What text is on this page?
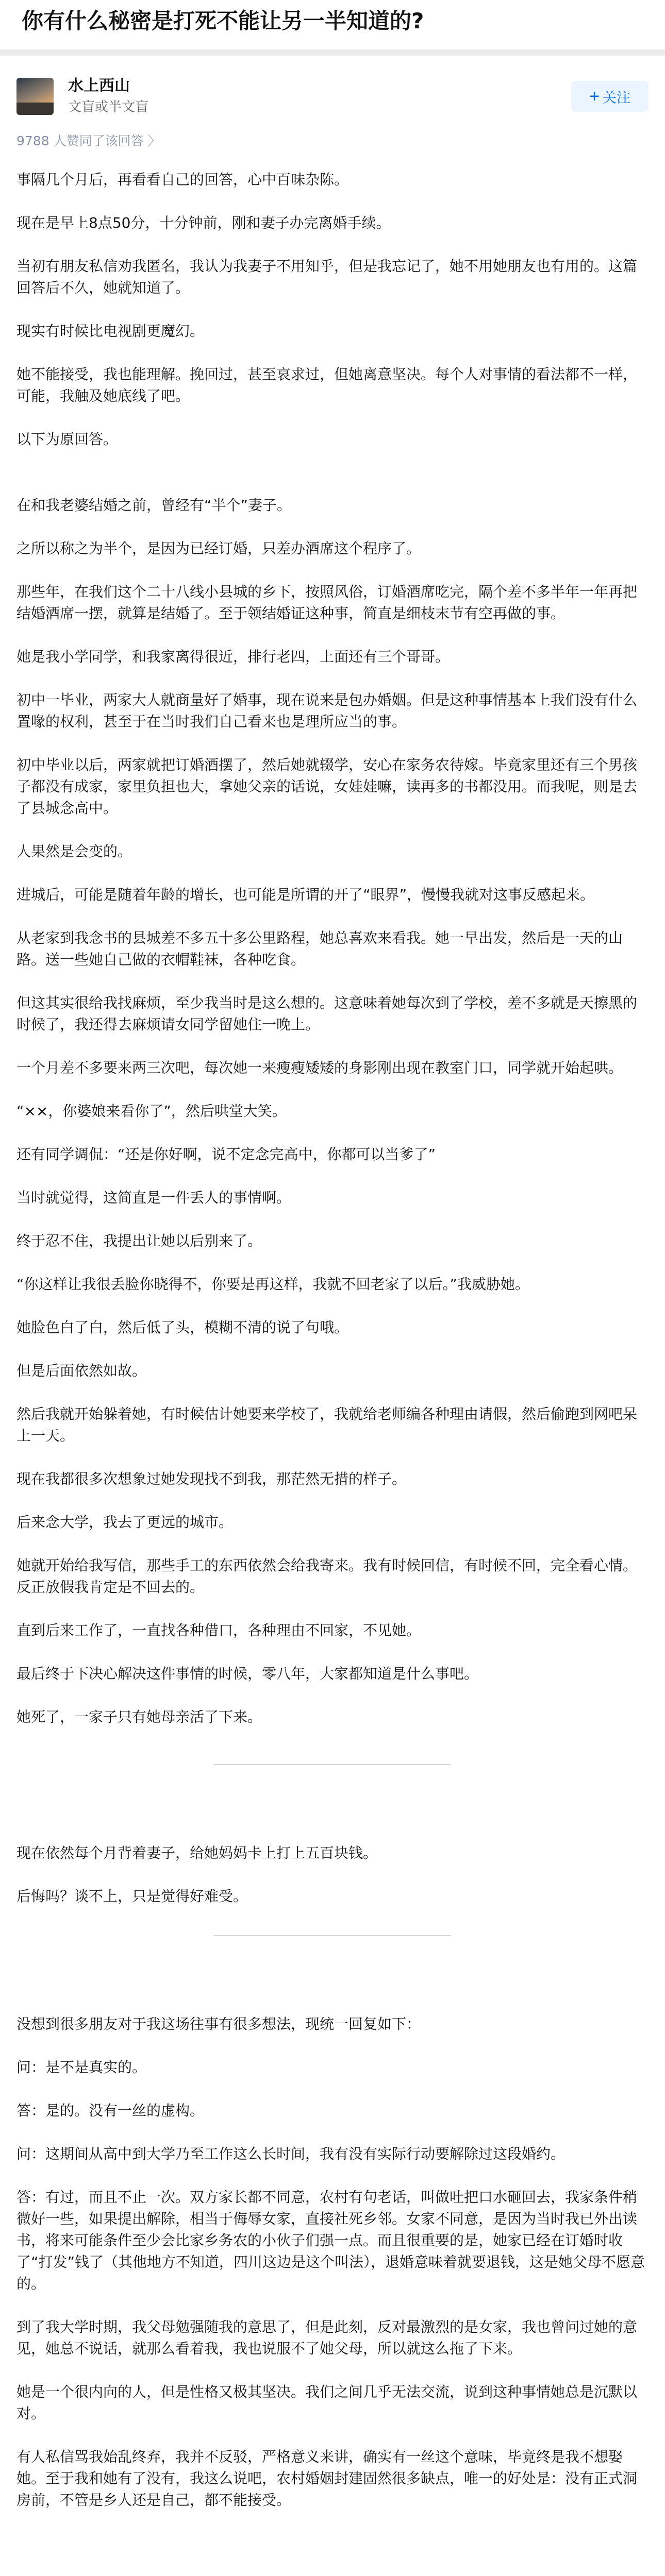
你有什么秘密是打死不能让另一半知道的?
水上西山
文盲或半文盲
+ 关注
9788 人赞同了该回答 〉

事隔几个月后，再看看自己的回答，心中百味杂陈。

现在是早上8点50分，十分钟前，刚和妻子办完离婚手续。

当初有朋友私信劝我匿名，我认为我妻子不用知乎，但是我忘记了，她不用她朋友也有用的。这篇回答后不久，她就知道了。

现实有时候比电视剧更魔幻。

她不能接受，我也能理解。挽回过，甚至哀求过，但她离意坚决。每个人对事情的看法都不一样，可能，我触及她底线了吧。

以下为原回答。

在和我老婆结婚之前，曾经有“半个”妻子。

之所以称之为半个，是因为已经订婚，只差办酒席这个程序了。

那些年，在我们这个二十八线小县城的乡下，按照风俗，订婚酒席吃完，隔个差不多半年一年再把结婚酒席一摆，就算是结婚了。至于领结婚证这种事，简直是细枝末节有空再做的事。

她是我小学同学，和我家离得很近，排行老四，上面还有三个哥哥。

初中一毕业，两家大人就商量好了婚事，现在说来是包办婚姻。但是这种事情基本上我们没有什么置喙的权利，甚至于在当时我们自己看来也是理所应当的事。

初中毕业以后，两家就把订婚酒摆了，然后她就辍学，安心在家务农待嫁。毕竟家里还有三个男孩子都没有成家，家里负担也大，拿她父亲的话说，女娃娃嘛，读再多的书都没用。而我呢，则是去了县城念高中。

人果然是会变的。

进城后，可能是随着年龄的增长，也可能是所谓的开了“眼界”，慢慢我就对这事反感起来。

从老家到我念书的县城差不多五十多公里路程，她总喜欢来看我。她一早出发，然后是一天的山路。送一些她自己做的衣帽鞋袜，各种吃食。

但这其实很给我找麻烦，至少我当时是这么想的。这意味着她每次到了学校，差不多就是天擦黑的时候了，我还得去麻烦请女同学留她住一晚上。

一个月差不多要来两三次吧，每次她一来瘦瘦矮矮的身影刚出现在教室门口，同学就开始起哄。

“××，你婆娘来看你了”，然后哄堂大笑。

还有同学调侃：“还是你好啊，说不定念完高中，你都可以当爹了”

当时就觉得，这简直是一件丢人的事情啊。

终于忍不住，我提出让她以后别来了。

“你这样让我很丢脸你晓得不，你要是再这样，我就不回老家了以后。”我威胁她。

她脸色白了白，然后低了头，模糊不清的说了句哦。

但是后面依然如故。

然后我就开始躲着她，有时候估计她要来学校了，我就给老师编各种理由请假，然后偷跑到网吧呆上一天。

现在我都很多次想象过她发现找不到我，那茫然无措的样子。

后来念大学，我去了更远的城市。

她就开始给我写信，那些手工的东西依然会给我寄来。我有时候回信，有时候不回，完全看心情。反正放假我肯定是不回去的。

直到后来工作了，一直找各种借口，各种理由不回家，不见她。

最后终于下决心解决这件事情的时候，零八年，大家都知道是什么事吧。

她死了，一家子只有她母亲活了下来。

现在依然每个月背着妻子，给她妈妈卡上打上五百块钱。

后悔吗？谈不上，只是觉得好难受。

没想到很多朋友对于我这场往事有很多想法，现统一回复如下：

问：是不是真实的。

答：是的。没有一丝的虚构。

问：这期间从高中到大学乃至工作这么长时间，我有没有实际行动要解除过这段婚约。

答：有过，而且不止一次。双方家长都不同意，农村有句老话，叫做吐把口水砸回去，我家条件稍微好一些，如果提出解除，相当于侮辱女家，直接社死乡邻。女家不同意，是因为当时我已外出读书，将来可能条件至少会比家乡务农的小伙子们强一点。而且很重要的是，她家已经在订婚时收了“打发”钱了（其他地方不知道，四川这边是这个叫法），退婚意味着就要退钱，这是她父母不愿意的。

到了我大学时期，我父母勉强随我的意思了，但是此刻，反对最激烈的是女家，我也曾问过她的意见，她总不说话，就那么看着我，我也说服不了她父母，所以就这么拖了下来。

她是一个很内向的人，但是性格又极其坚决。我们之间几乎无法交流，说到这种事情她总是沉默以对。

有人私信骂我始乱终弃，我并不反驳，严格意义来讲，确实有一丝这个意味，毕竟终是我不想娶她。至于我和她有了没有，我这么说吧，农村婚姻封建固然很多缺点，唯一的好处是：没有正式洞房前，不管是乡人还是自己，都不能接受。
